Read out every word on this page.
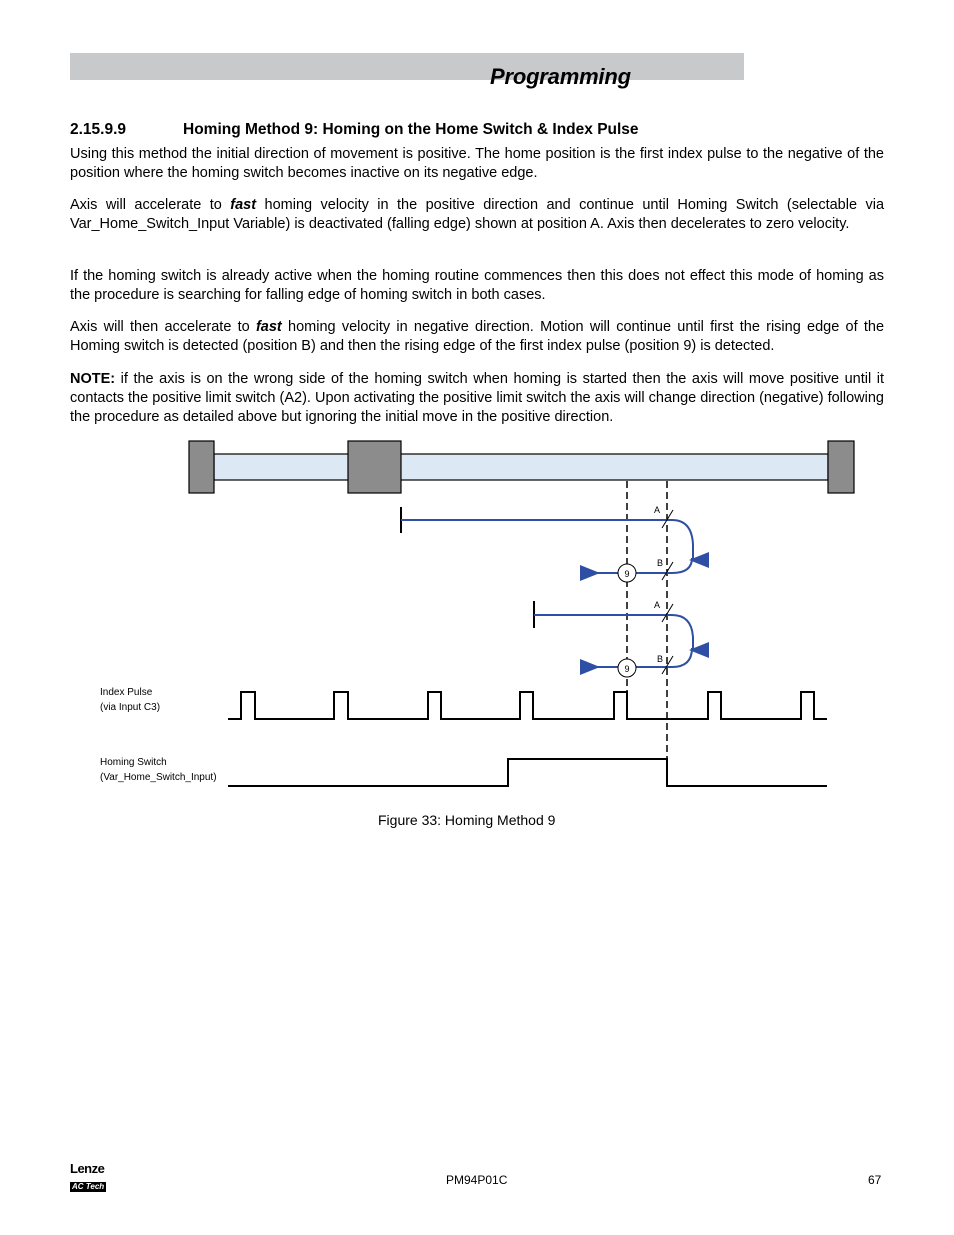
Programming
2.15.9.9	Homing Method 9: Homing on the Home Switch & Index Pulse

Using this method the initial direction of movement is positive. The home position is the first index pulse to the negative of the position where the homing switch becomes inactive on its negative edge.

Axis will accelerate to fast homing velocity in the positive direction and continue until Homing Switch (selectable via Var_Home_Switch_Input Variable) is deactivated (falling edge) shown at position A. Axis then decelerates to zero velocity.

If the homing switch is already active when the homing routine commences then this does not effect this mode of homing as the procedure is searching for falling edge of homing switch in both cases.

Axis will then accelerate to fast homing velocity in negative direction. Motion will continue until first the rising edge of the Homing switch is detected (position B) and then the rising edge of the first index pulse (position 9) is detected.

NOTE: if the axis is on the wrong side of the homing switch when homing is started then the axis will move positive until it contacts the positive limit switch (A2). Upon activating the positive limit switch the axis will change direction (negative) following the procedure as detailed above but ignoring the initial move in the positive direction.

9
A
B
9
A
B
Index Pulse
(via Input C3)
Homing Switch
(Var_Home_Switch_Input)
Figure 33: Homing Method 9
Lenze
AC Tech	PM94P01C	67
